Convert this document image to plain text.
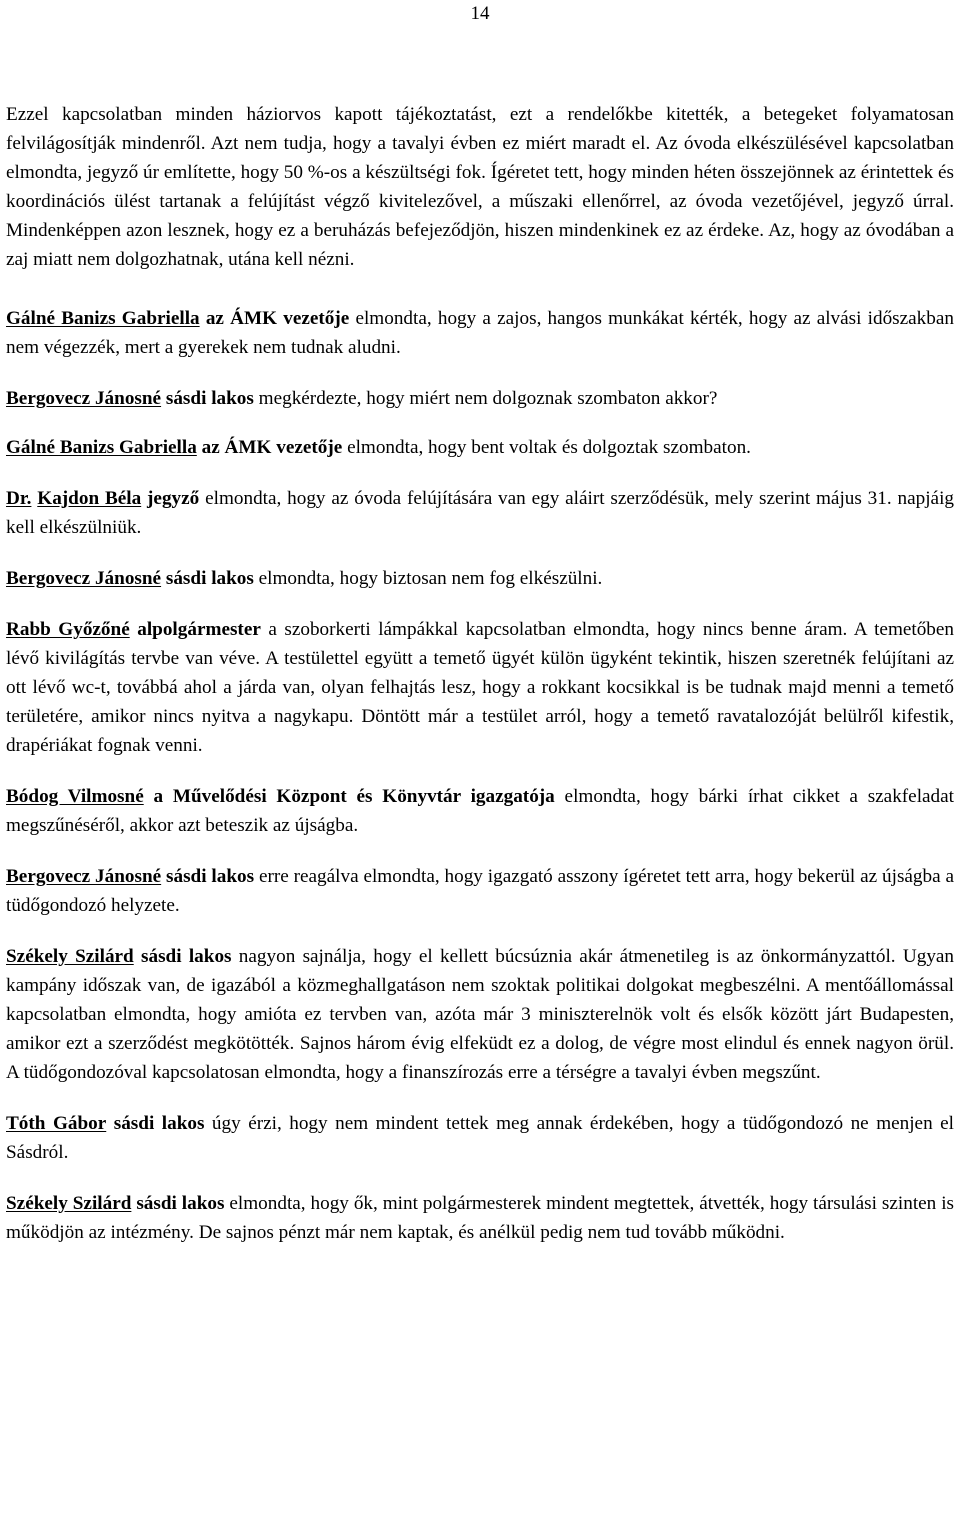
14

Ezzel kapcsolatban minden háziorvos kapott tájékoztatást, ezt a rendelőkbe kitették, a betegeket folyamatosan felvilágosítják mindenről. Azt nem tudja, hogy a tavalyi évben ez miért maradt el. Az óvoda elkészülésével kapcsolatban elmondta, jegyző úr említette, hogy 50 %-os a készültségi fok. Ígéretet tett, hogy minden héten összejönnek az érintettek és koordinációs ülést tartanak a felújítást végző kivitelezővel, a műszaki ellenőrrel, az óvoda vezetőjével, jegyző úrral. Mindenképpen azon lesznek, hogy ez a beruházás befejeződjön, hiszen mindenkinek ez az érdeke. Az, hogy az óvodában a zaj miatt nem dolgozhatnak, utána kell nézni.

Gálné Banizs Gabriella az ÁMK vezetője elmondta, hogy a zajos, hangos munkákat kérték, hogy az alvási időszakban nem végezzék, mert a gyerekek nem tudnak aludni.

Bergovecz Jánosné sásdi lakos megkérdezte, hogy miért nem dolgoznak szombaton akkor?

Gálné Banizs Gabriella az ÁMK vezetője elmondta, hogy bent voltak és dolgoztak szombaton.

Dr. Kajdon Béla jegyző elmondta, hogy az óvoda felújítására van egy aláirt szerződésük, mely szerint május 31. napjáig kell elkészülniük.

Bergovecz Jánosné sásdi lakos elmondta, hogy biztosan nem fog elkészülni.

Rabb Győzőné alpolgármester a szoborkerti lámpákkal kapcsolatban elmondta, hogy nincs benne áram. A temetőben lévő kivilágítás tervbe van véve. A testülettel együtt a temető ügyét külön ügyként tekintik, hiszen szeretnék felújítani az ott lévő wc-t, továbbá ahol a járda van, olyan felhajtás lesz, hogy a rokkant kocsikkal is be tudnak majd menni a temető területére, amikor nincs nyitva a nagykapu. Döntött már a testület arról, hogy a temető ravatalozóját belülről kifestik, drapériákat fognak venni.

Bódog Vilmosné a Művelődési Központ és Könyvtár igazgatója elmondta, hogy bárki írhat cikket a szakfeladat megszűnéséről, akkor azt beteszik az újságba.

Bergovecz Jánosné sásdi lakos erre reagálva elmondta, hogy igazgató asszony ígéretet tett arra, hogy bekerül az újságba a tüdőgondozó helyzete.

Székely Szilárd sásdi lakos nagyon sajnálja, hogy el kellett búcsúznia akár átmenetileg is az önkormányzattól. Ugyan kampány időszak van, de igazából a közmeghallgatáson nem szoktak politikai dolgokat megbeszélni. A mentőállomással kapcsolatban elmondta, hogy amióta ez tervben van, azóta már 3 miniszterelnök volt és elsők között járt Budapesten, amikor ezt a szerződést megkötötték. Sajnos három évig elfeküdt ez a dolog, de végre most elindul és ennek nagyon örül. A tüdőgondozóval kapcsolatosan elmondta, hogy a finanszírozás erre a térségre a tavalyi évben megszűnt.

Tóth Gábor sásdi lakos úgy érzi, hogy nem mindent tettek meg annak érdekében, hogy a tüdőgondozó ne menjen el Sásdról.

Székely Szilárd sásdi lakos elmondta, hogy ők, mint polgármesterek mindent megtettek, átvették, hogy társulási szinten is működjön az intézmény. De sajnos pénzt már nem kaptak, és anélkül pedig nem tud tovább működni.
